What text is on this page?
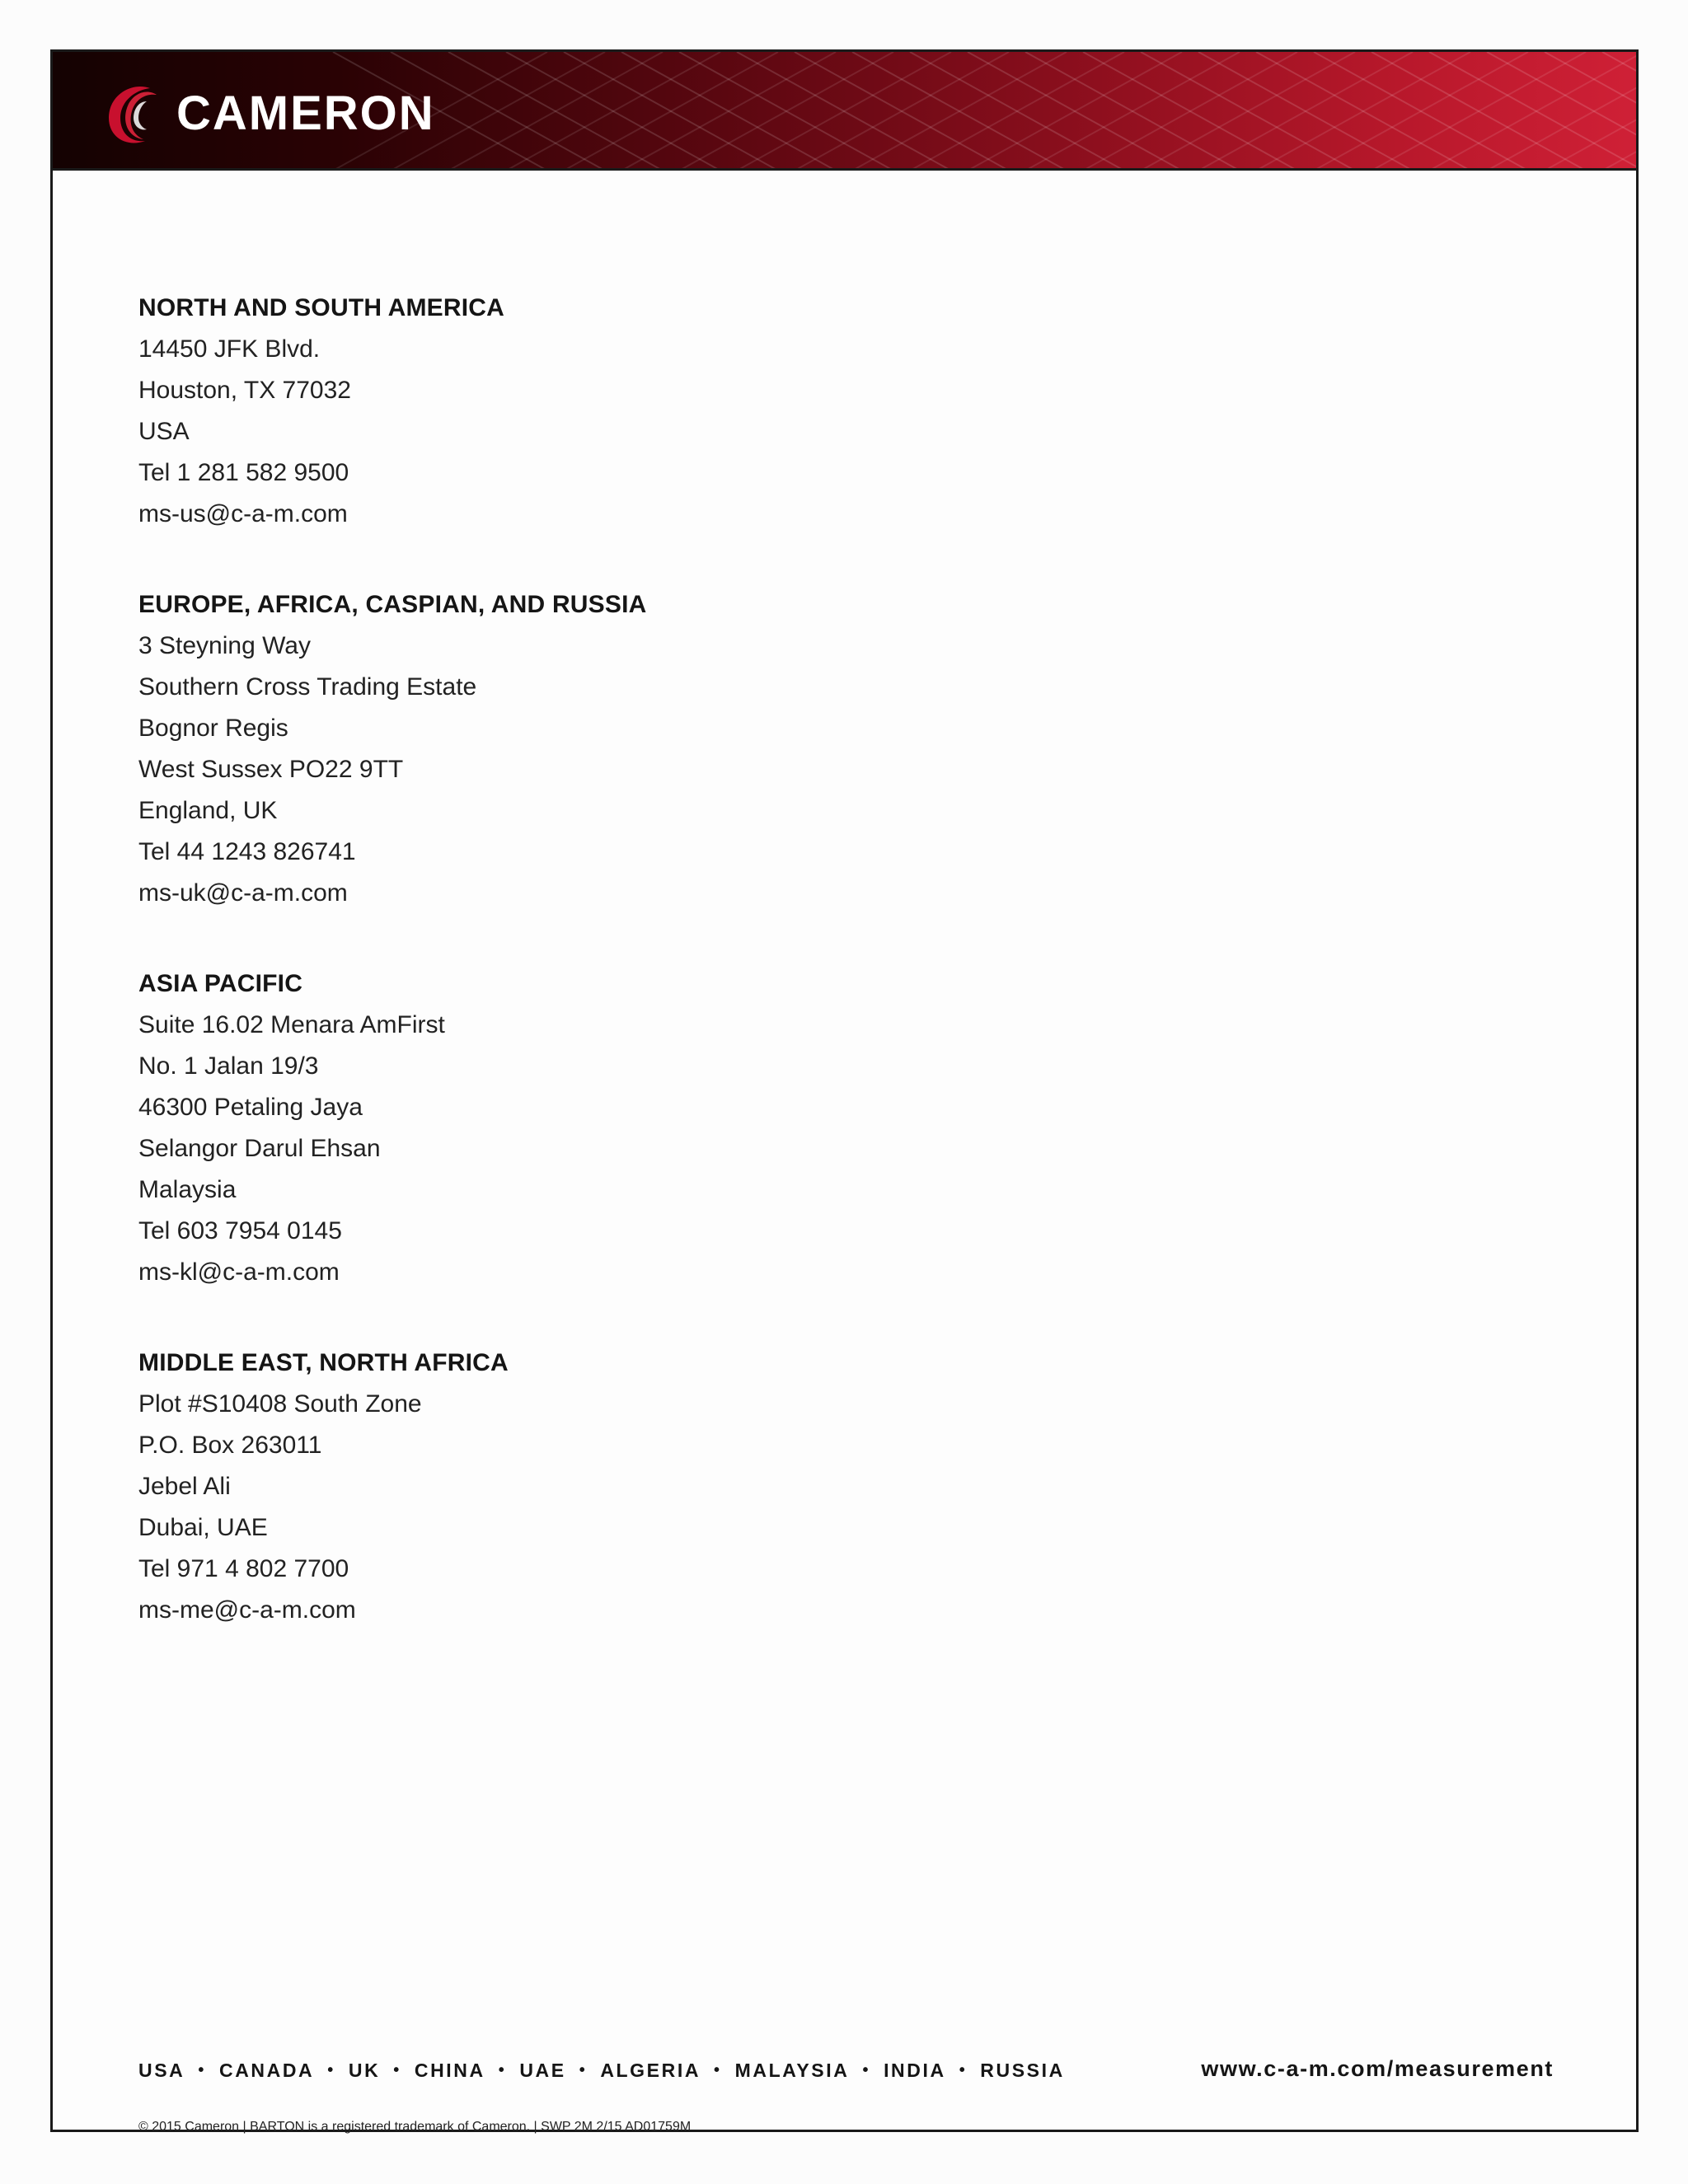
CAMERON
NORTH AND SOUTH AMERICA
14450 JFK Blvd.
Houston, TX 77032
USA
Tel 1 281 582 9500
ms-us@c-a-m.com
EUROPE, AFRICA, CASPIAN, AND RUSSIA
3 Steyning Way
Southern Cross Trading Estate
Bognor Regis
West Sussex PO22 9TT
England, UK
Tel 44 1243 826741
ms-uk@c-a-m.com
ASIA PACIFIC
Suite 16.02 Menara AmFirst
No. 1 Jalan 19/3
46300 Petaling Jaya
Selangor Darul Ehsan
Malaysia
Tel 603 7954 0145
ms-kl@c-a-m.com
MIDDLE EAST, NORTH AFRICA
Plot #S10408 South Zone
P.O. Box 263011
Jebel Ali
Dubai, UAE
Tel 971 4 802 7700
ms-me@c-a-m.com
USA • CANADA • UK • CHINA • UAE • ALGERIA • MALAYSIA • INDIA • RUSSIA	www.c-a-m.com/measurement
© 2015 Cameron | BARTON is a registered trademark of Cameron. | SWP 2M 2/15 AD01759M
